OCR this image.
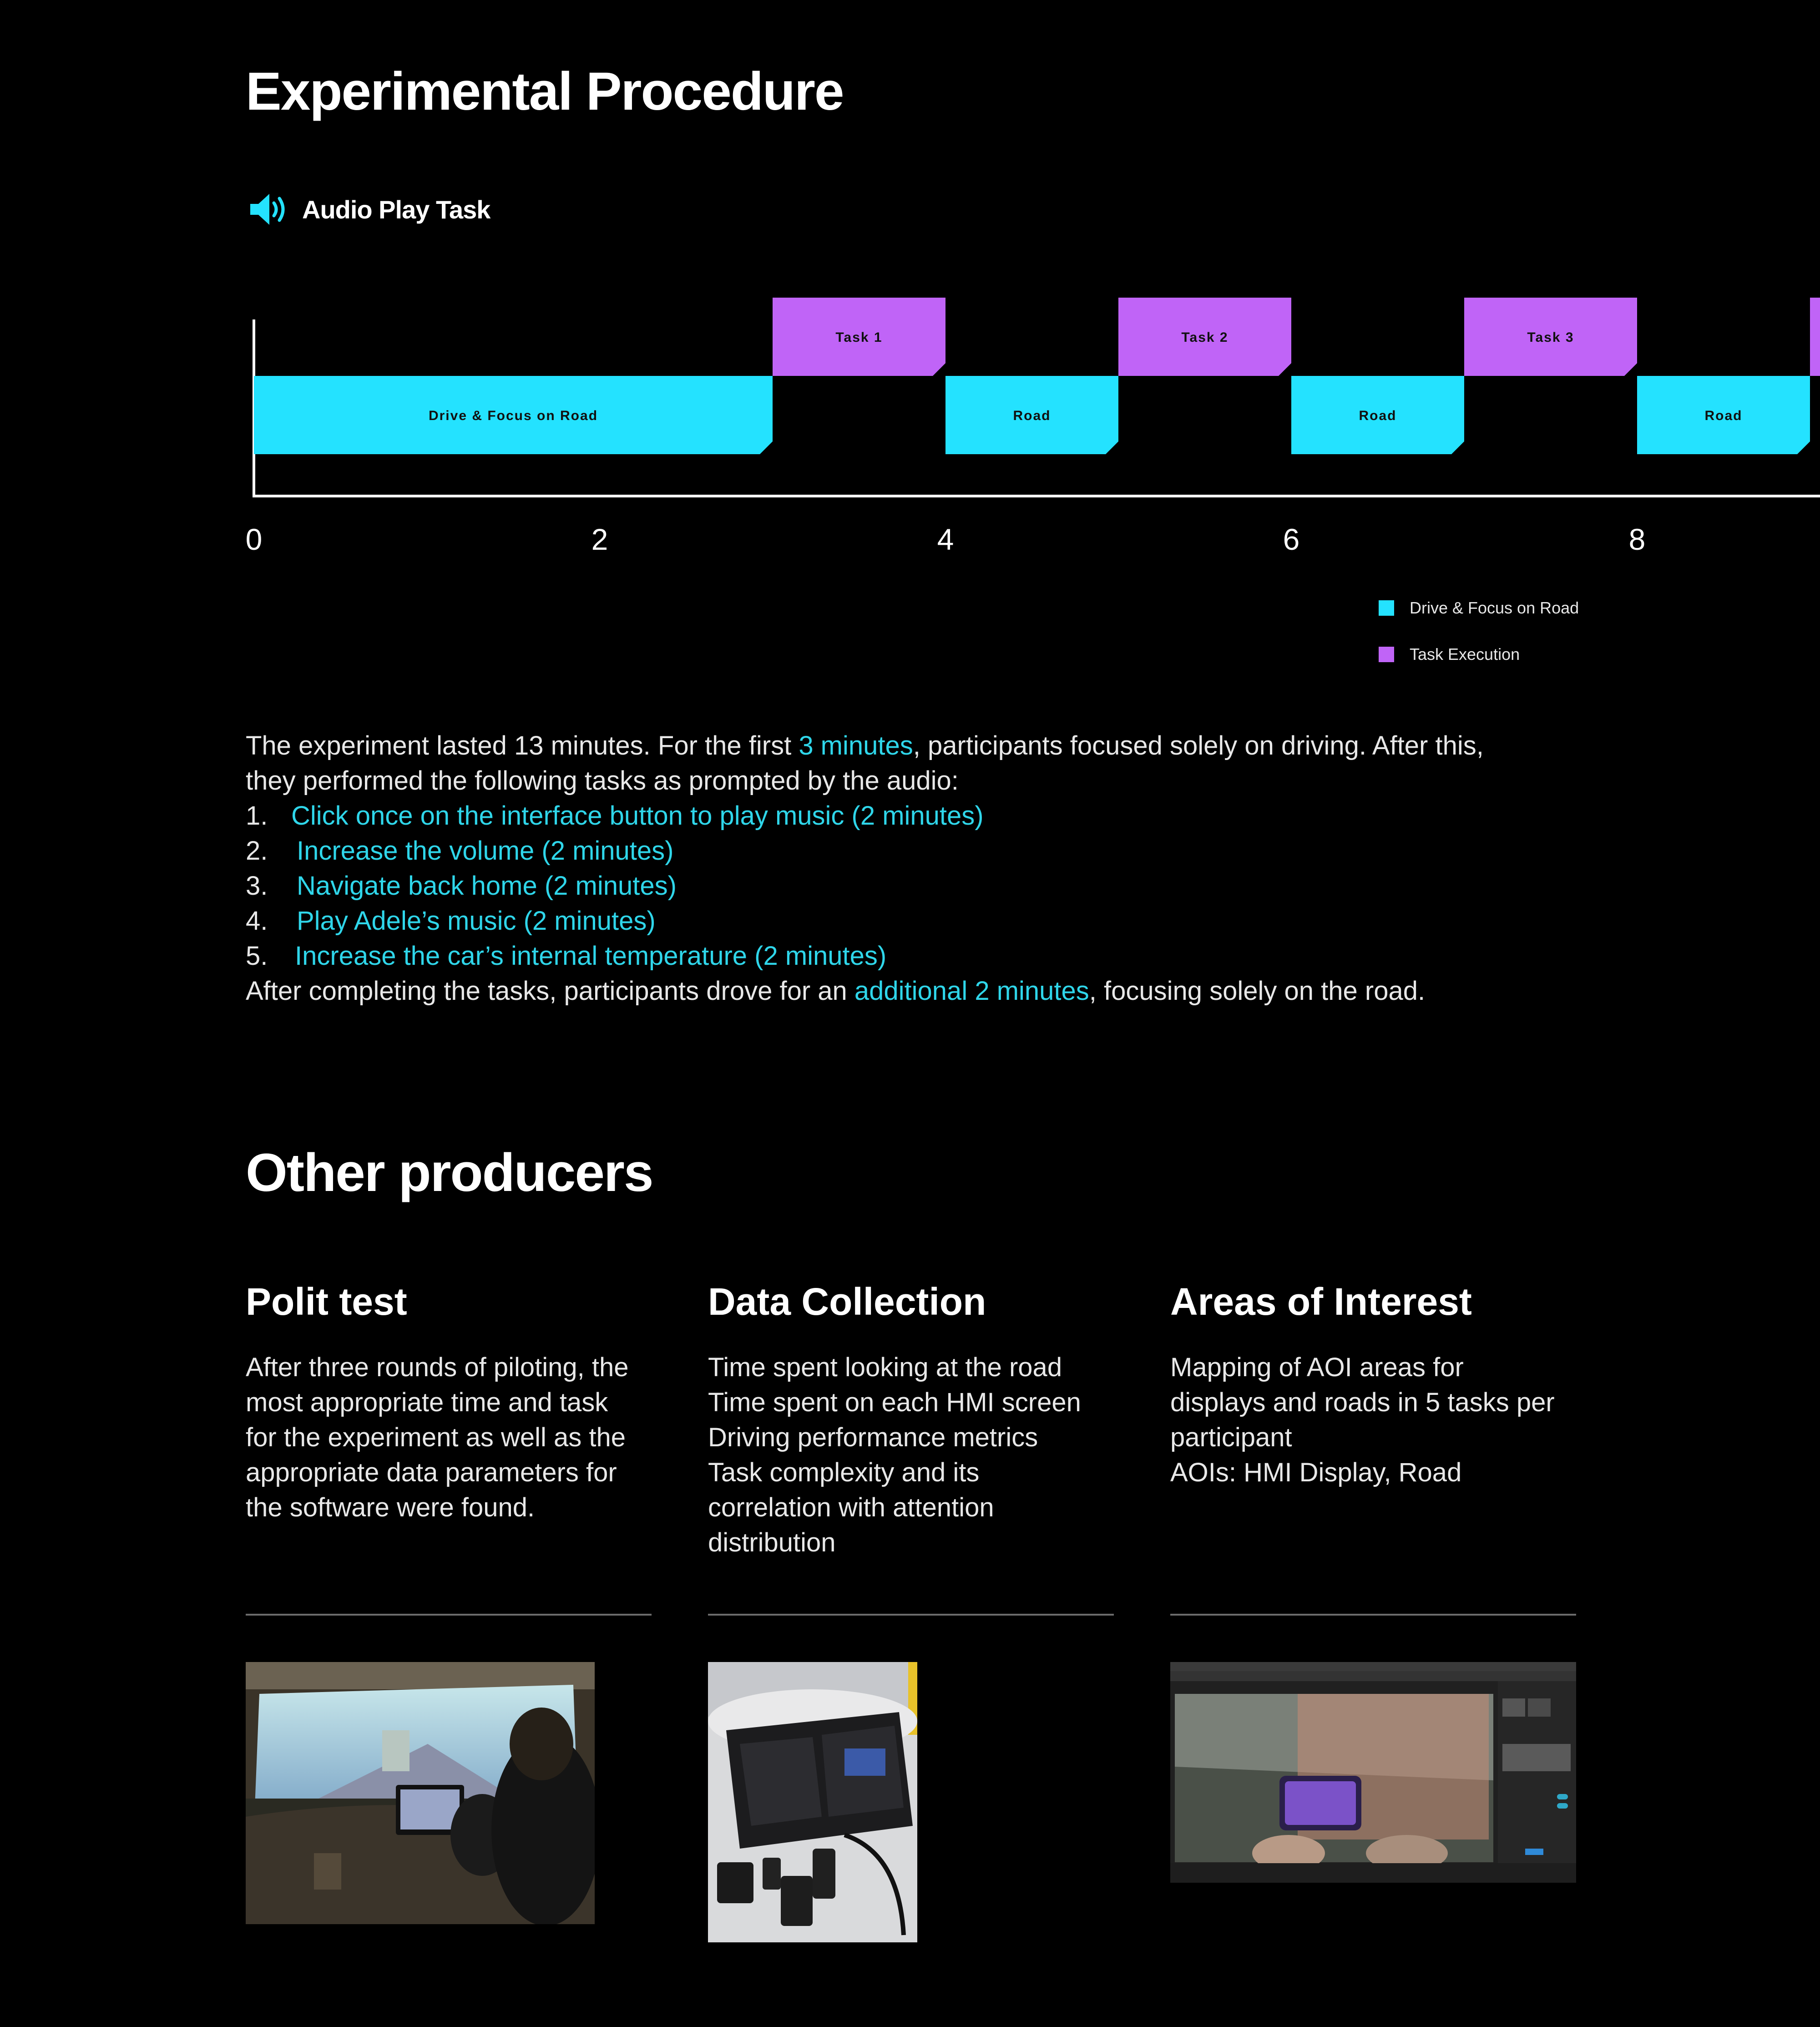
Experimental Procedure
Audio Play Task
0	2	4	6	8
Drive & Focus on Road
Task 1
Road
Task 2
Road
Task 3
Road
Drive & Focus on Road
Task Execution
The experiment lasted 13 minutes. For the first 3 minutes, participants focused solely on driving. After this,
they performed the following tasks as prompted by the audio:
1. Click once on the interface button to play music (2 minutes)
2. Increase the volume (2 minutes)
3. Navigate back home (2 minutes)
4. Play Adele’s music (2 minutes)
5. Increase the car’s internal temperature (2 minutes)
After completing the tasks, participants drove for an additional 2 minutes, focusing solely on the road.
Other producers
Polit test
After three rounds of piloting, the
most appropriate time and task
for the experiment as well as the
appropriate data parameters for
the software were found.
Data Collection
Time spent looking at the road
Time spent on each HMI screen
Driving performance metrics
Task complexity and its
correlation with attention
distribution
Areas of Interest
Mapping of AOI areas for
displays and roads in 5 tasks per
participant
AOIs: HMI Display, Road
